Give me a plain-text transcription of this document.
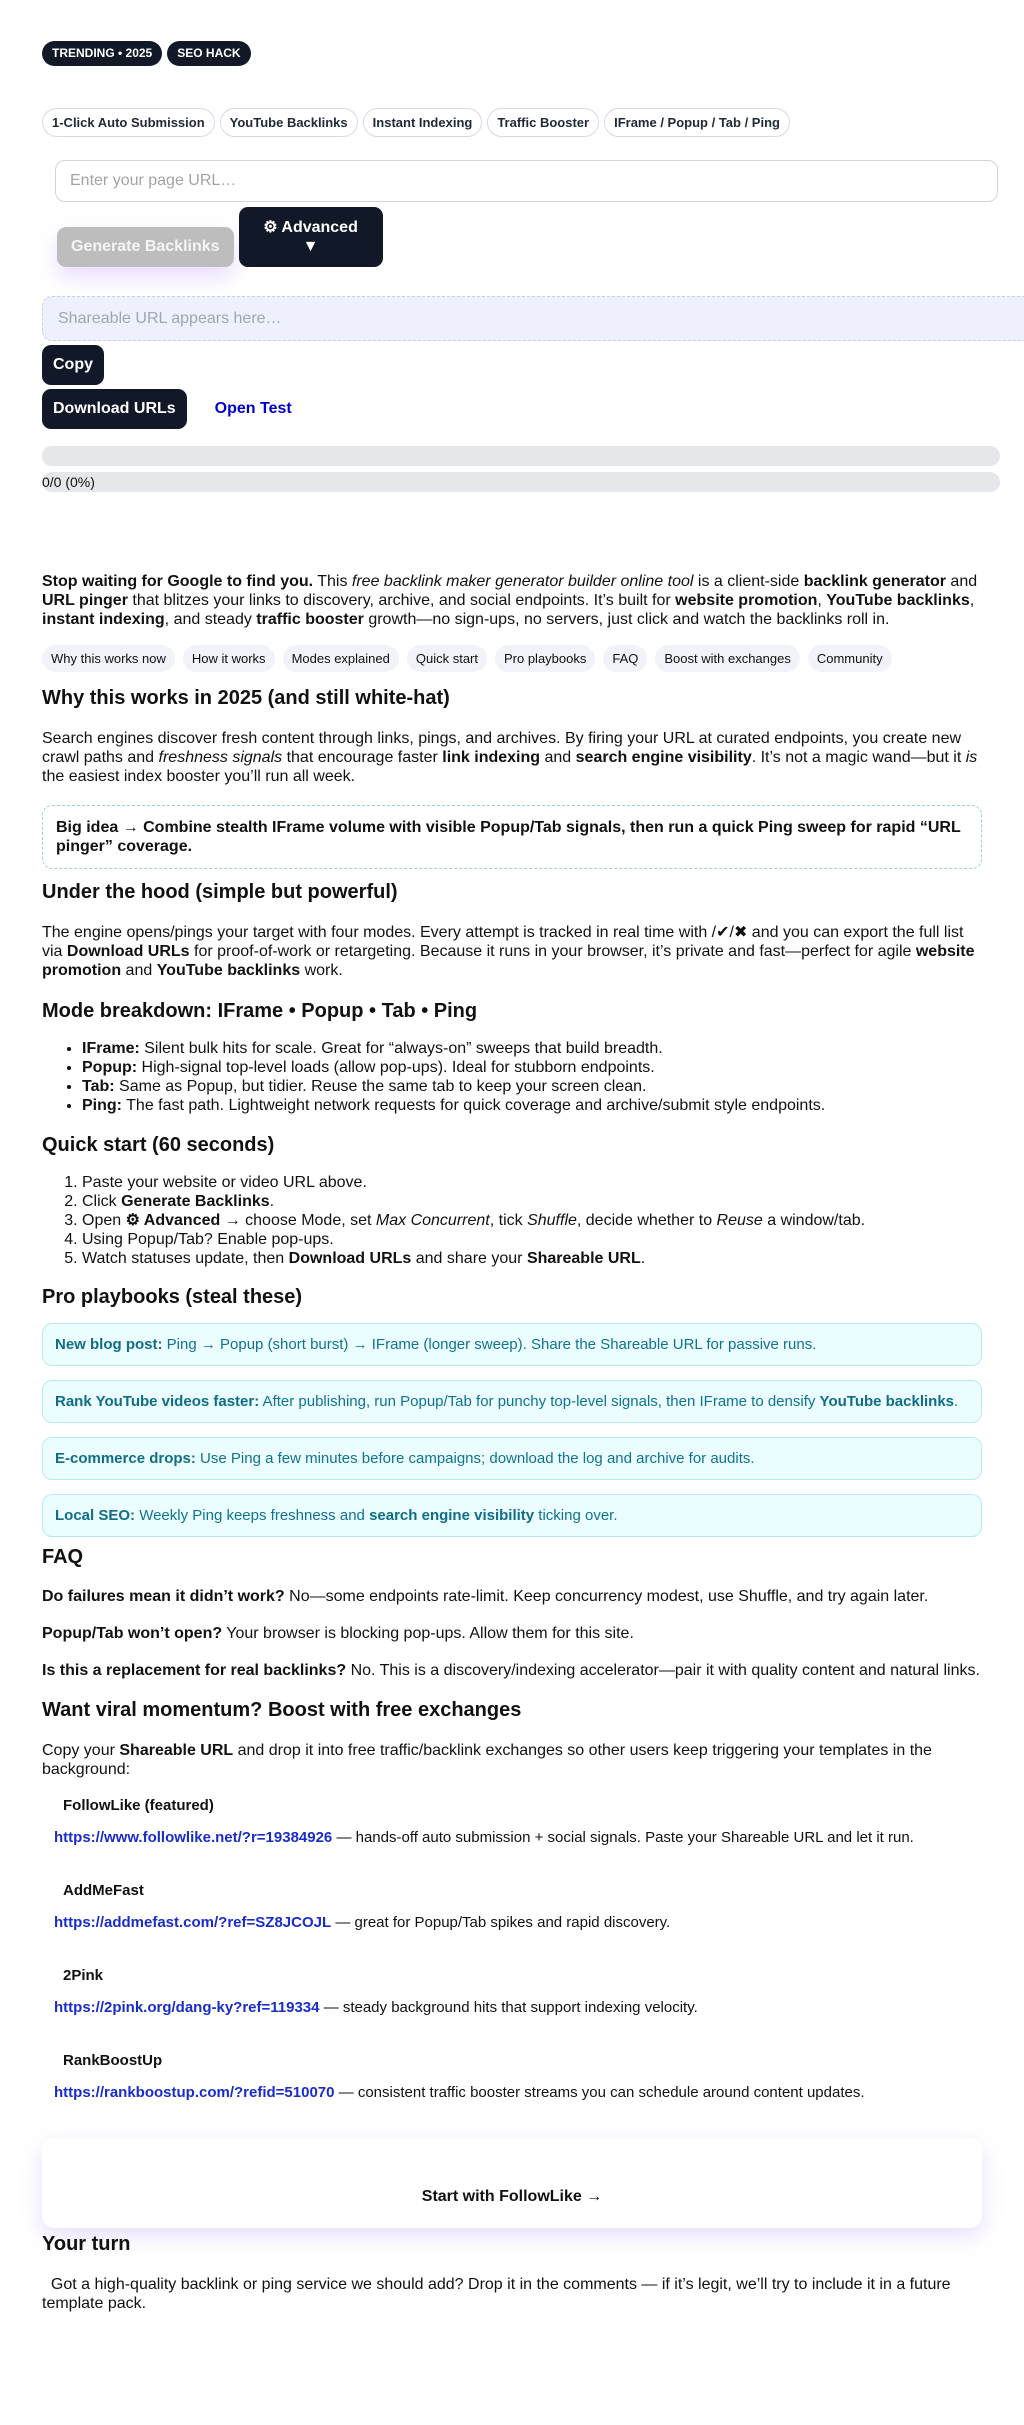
TRENDING • 2025	SEO HACK
1-Click Auto Submission	YouTube Backlinks	Instant Indexing	Traffic Booster	IFrame / Popup / Tab / Ping
Enter your page URL…
Generate Backlinks
⚙ Advanced
▼
Shareable URL appears here…
Copy
Download URLs	Open Test
0/0 (0%)

Stop waiting for Google to find you. This free backlink maker generator builder online tool is a client-side backlink generator and URL pinger that blitzes your links to discovery, archive, and social endpoints. It’s built for website promotion, YouTube backlinks, instant indexing, and steady traffic booster growth—no sign-ups, no servers, just click and watch the backlinks roll in.

Why this works now	How it works	Modes explained	Quick start	Pro playbooks	FAQ	Boost with exchanges	Community
Why this works in 2025 (and still white-hat)

Search engines discover fresh content through links, pings, and archives. By firing your URL at curated endpoints, you create new crawl paths and freshness signals that encourage faster link indexing and search engine visibility. It’s not a magic wand—but it is the easiest index booster you’ll run all week.

Big idea → Combine stealth IFrame volume with visible Popup/Tab signals, then run a quick Ping sweep for rapid “URL pinger” coverage.
Under the hood (simple but powerful)

The engine opens/pings your target with four modes. Every attempt is tracked in real time with /✔/✖ and you can export the full list via Download URLs for proof-of-work or retargeting. Because it runs in your browser, it’s private and fast—perfect for agile website promotion and YouTube backlinks work.

Mode breakdown: IFrame • Popup • Tab • Ping
• IFrame: Silent bulk hits for scale. Great for “always-on” sweeps that build breadth.
• Popup: High-signal top-level loads (allow pop-ups). Ideal for stubborn endpoints.
• Tab: Same as Popup, but tidier. Reuse the same tab to keep your screen clean.
• Ping: The fast path. Lightweight network requests for quick coverage and archive/submit style endpoints.
Quick start (60 seconds)
1. Paste your website or video URL above.
2. Click Generate Backlinks.
3. Open ⚙ Advanced → choose Mode, set Max Concurrent, tick Shuffle, decide whether to Reuse a window/tab.
4. Using Popup/Tab? Enable pop-ups.
5. Watch statuses update, then Download URLs and share your Shareable URL.
Pro playbooks (steal these)
New blog post: Ping → Popup (short burst) → IFrame (longer sweep). Share the Shareable URL for passive runs.
Rank YouTube videos faster: After publishing, run Popup/Tab for punchy top-level signals, then IFrame to densify YouTube backlinks.
E-commerce drops: Use Ping a few minutes before campaigns; download the log and archive for audits.
Local SEO: Weekly Ping keeps freshness and search engine visibility ticking over.
FAQ

Do failures mean it didn’t work? No—some endpoints rate-limit. Keep concurrency modest, use Shuffle, and try again later.

Popup/Tab won’t open? Your browser is blocking pop-ups. Allow them for this site.

Is this a replacement for real backlinks? No. This is a discovery/indexing accelerator—pair it with quality content and natural links.

Want viral momentum? Boost with free exchanges

Copy your Shareable URL and drop it into free traffic/backlink exchanges so other users keep triggering your templates in the background:

FollowLike (featured)
https://www.followlike.net/?r=19384926 — hands-off auto submission + social signals. Paste your Shareable URL and let it run.
AddMeFast
https://addmefast.com/?ref=SZ8JCOJL — great for Popup/Tab spikes and rapid discovery.
2Pink
https://2pink.org/dang-ky?ref=119334 — steady background hits that support indexing velocity.
RankBoostUp
https://rankboostup.com/?refid=510070 — consistent traffic booster streams you can schedule around content updates.
Start with FollowLike →
Your turn

Got a high-quality backlink or ping service we should add? Drop it in the comments — if it’s legit, we’ll try to include it in a future template pack.
